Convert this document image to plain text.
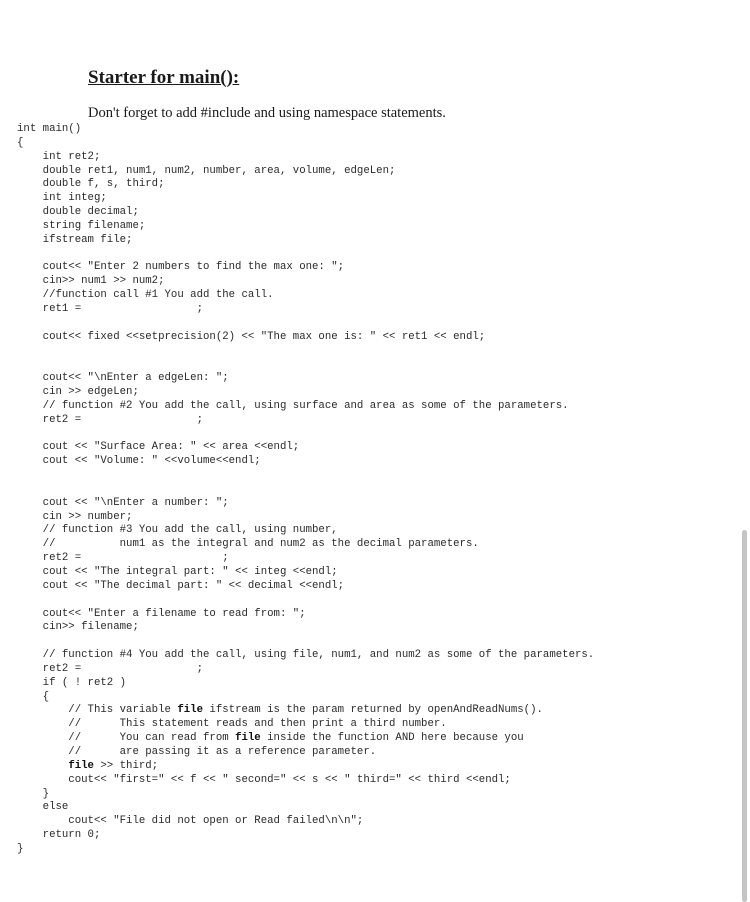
Starter for main():

Don't forget to add #include and using namespace statements.

int main()
{
int ret2;
double ret1, num1, num2, number, area, volume, edgeLen;
double f, s, third;
int integ;
double decimal;
string filename;
ifstream file;

cout<< "Enter 2 numbers to find the max one: ";
cin>> num1 >> num2;
//function call #1 You add the call.
ret1 =                  ;

cout<< fixed <<setprecision(2) << "The max one is: " << ret1 << endl;

cout<< "\nEnter a edgeLen: ";
cin >> edgeLen;
// function #2 You add the call, using surface and area as some of the parameters.
ret2 =                  ;

cout << "Surface Area: " << area <<endl;
cout << "Volume: " <<volume<<endl;

cout << "\nEnter a number: ";
cin >> number;
// function #3 You add the call, using number,
//          num1 as the integral and num2 as the decimal parameters.
ret2 =                      ;
cout << "The integral part: " << integ <<endl;
cout << "The decimal part: " << decimal <<endl;

cout<< "Enter a filename to read from: ";
cin>> filename;

// function #4 You add the call, using file, num1, and num2 as some of the parameters.
ret2 =                  ;
if ( ! ret2 )
{
// This variable file ifstream is the param returned by openAndReadNums().
//      This statement reads and then print a third number.
//      You can read from file inside the function AND here because you
//      are passing it as a reference parameter.
file >> third;
cout<< "first=" << f << " second=" << s << " third=" << third <<endl;
}
else
cout<< "File did not open or Read failed\n\n";
return 0;
}
